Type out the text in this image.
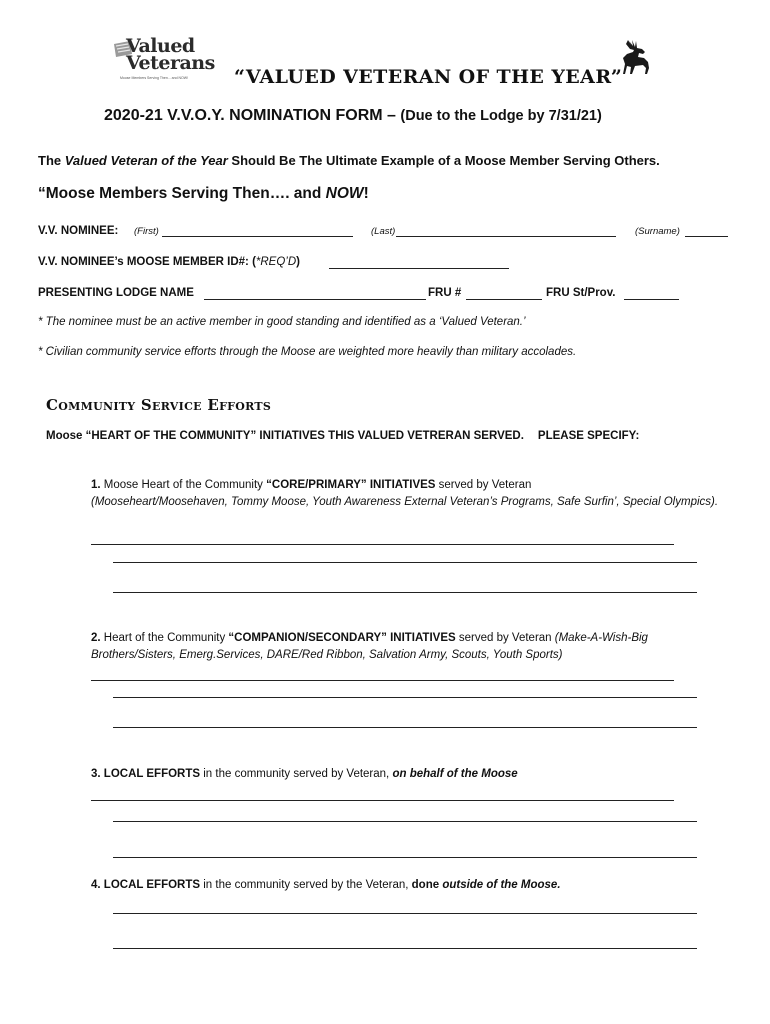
Valued
Veterans
Moose Members Serving Then... and NOW! “VALUED VETERAN OF THE YEAR”
2020-21 V.V.O.Y. NOMINATION FORM – (Due to the Lodge by 7/31/21)
The Valued Veteran of the Year Should Be The Ultimate Example of a Moose Member Serving Others.
“Moose Members Serving Then…. and NOW!
V.V. NOMINEE: (First)	(Last)	(Surname)
V.V. NOMINEE’s MOOSE MEMBER ID#: (*REQ’D)
PRESENTING LODGE NAME	FRU #	FRU St/Prov.
* The nominee must be an active member in good standing and identified as a ‘Valued Veteran.’
* Civilian community service efforts through the Moose are weighted more heavily than military accolades.
Community Service Efforts
Moose “HEART OF THE COMMUNITY” INITIATIVES THIS VALUED VETRERAN SERVED. PLEASE SPECIFY:
1. Moose Heart of the Community “CORE/PRIMARY” INITIATIVES served by Veteran
(Mooseheart/Moosehaven, Tommy Moose, Youth Awareness External Veteran’s Programs, Safe Surfin’, Special Olympics).
2. Heart of the Community “COMPANION/SECONDARY” INITIATIVES served by Veteran (Make-A-Wish-Big Brothers/Sisters, Emerg.Services, DARE/Red Ribbon, Salvation Army, Scouts, Youth Sports)
3. LOCAL EFFORTS in the community served by Veteran, on behalf of the Moose
4. LOCAL EFFORTS in the community served by the Veteran, done outside of the Moose.
